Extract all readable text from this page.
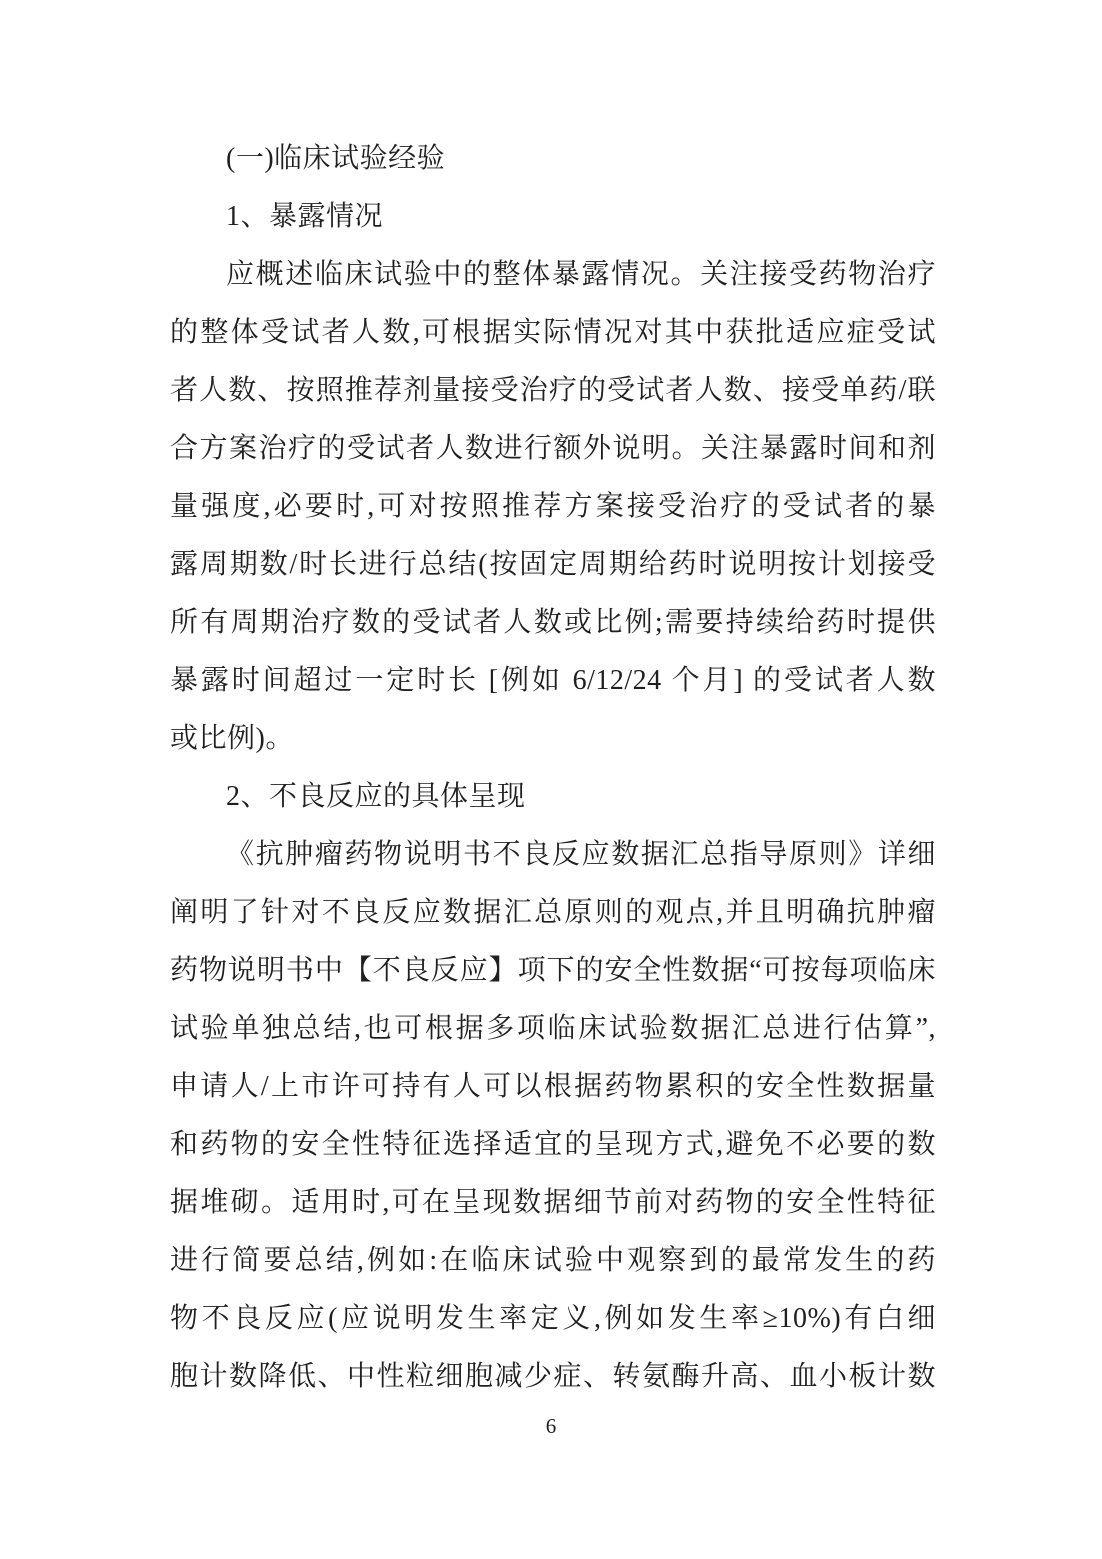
(一)临床试验经验
1、暴露情况
应概述临床试验中的整体暴露情况。关注接受药物治疗
的整体受试者人数,可根据实际情况对其中获批适应症受试
者人数、按照推荐剂量接受治疗的受试者人数、接受单药/联
合方案治疗的受试者人数进行额外说明。关注暴露时间和剂
量强度,必要时,可对按照推荐方案接受治疗的受试者的暴
露周期数/时长进行总结(按固定周期给药时说明按计划接受
所有周期治疗数的受试者人数或比例;需要持续给药时提供
暴露时间超过一定时长 [例如 6/12/24 个月] 的受试者人数
或比例)。
2、不良反应的具体呈现
《抗肿瘤药物说明书不良反应数据汇总指导原则》详细
阐明了针对不良反应数据汇总原则的观点,并且明确抗肿瘤
药物说明书中【不良反应】项下的安全性数据“可按每项临床
试验单独总结,也可根据多项临床试验数据汇总进行估算”,
申请人/上市许可持有人可以根据药物累积的安全性数据量
和药物的安全性特征选择适宜的呈现方式,避免不必要的数
据堆砌。适用时,可在呈现数据细节前对药物的安全性特征
进行简要总结,例如:在临床试验中观察到的最常发生的药
物不良反应(应说明发生率定义,例如发生率≥10%)有白细
胞计数降低、中性粒细胞减少症、转氨酶升高、血小板计数
6
